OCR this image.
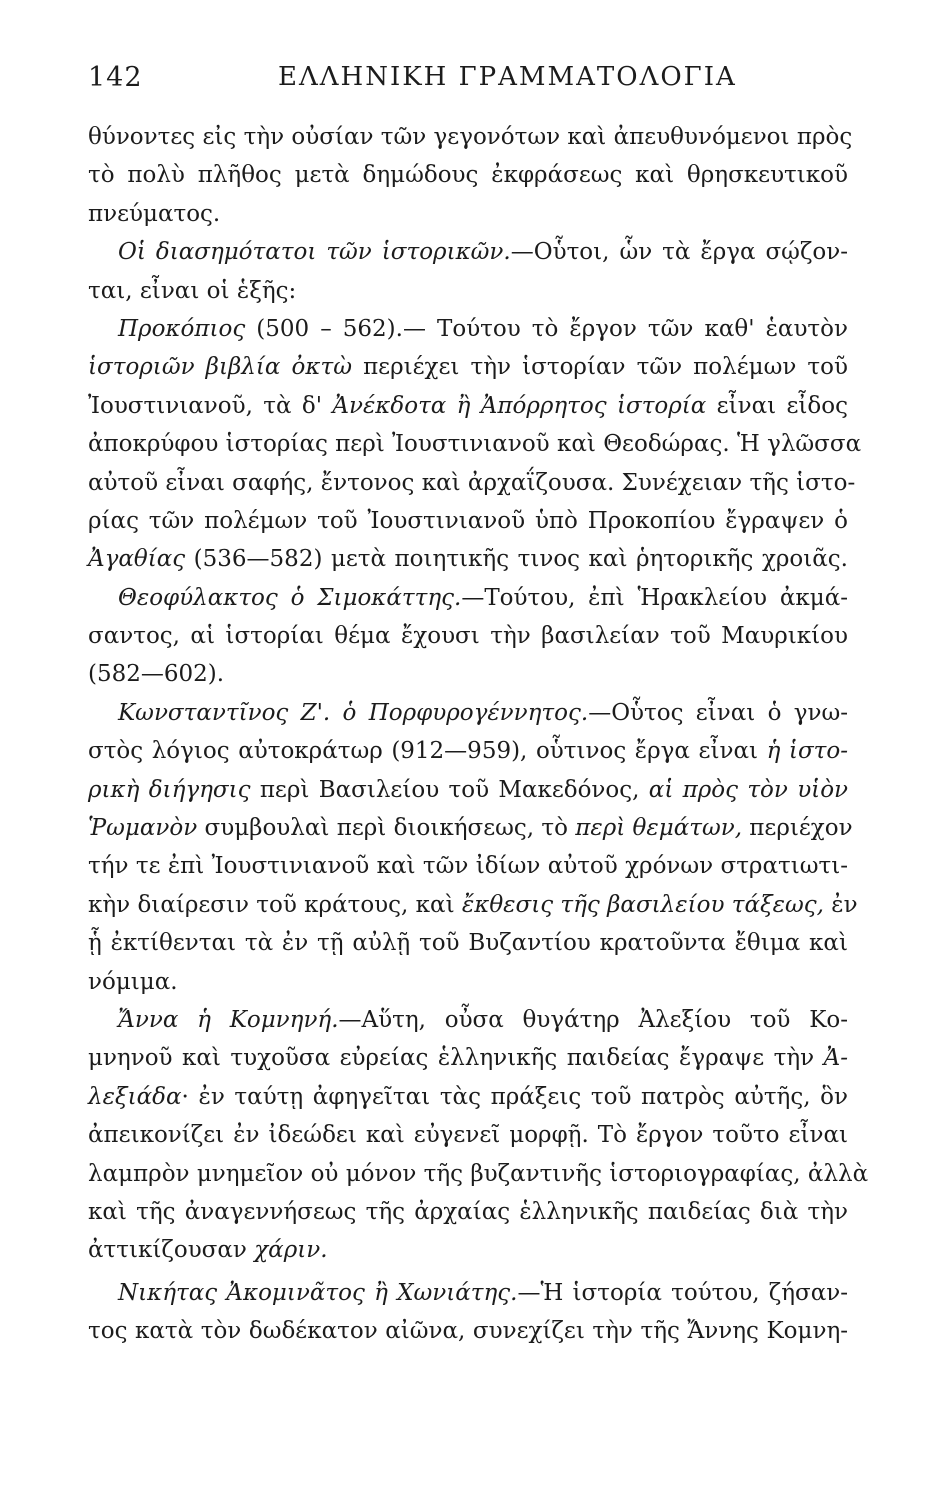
142	ΕΛΛΗΝΙΚΗ ΓΡΑΜΜΑΤΟΛΟΓΙΑ
θύνοντες εἰς τὴν οὐσίαν τῶν γεγονότων καὶ ἀπευθυνόμενοι πρὸς
τὸ πολὺ πλῆθος μετὰ δημώδους ἐκφράσεως καὶ θρησκευτικοῦ
πνεύματος.
Οἱ διασημότατοι τῶν ἱστορικῶν.—Οὗτοι, ὧν τὰ ἔργα σῴζον-
ται, εἶναι οἱ ἑξῆς:
Προκόπιος (500 – 562).— Τούτου τὸ ἔργον τῶν καθ' ἑαυτὸν
ἱστοριῶν βιβλία ὀκτὼ περιέχει τὴν ἱστορίαν τῶν πολέμων τοῦ
Ἰουστινιανοῦ, τὰ δ' Ἀνέκδοτα ἢ Ἀπόρρητος ἱστορία εἶναι εἶδος
ἀποκρύφου ἱστορίας περὶ Ἰουστινιανοῦ καὶ Θεοδώρας. Ἡ γλῶσσα
αὐτοῦ εἶναι σαφής, ἔντονος καὶ ἀρχαΐζουσα. Συνέχειαν τῆς ἱστο-
ρίας τῶν πολέμων τοῦ Ἰουστινιανοῦ ὑπὸ Προκοπίου ἔγραψεν ὁ
Ἀγαθίας (536—582) μετὰ ποιητικῆς τινος καὶ ῥητορικῆς χροιᾶς.
Θεοφύλακτος ὁ Σιμοκάττης.—Τούτου, ἐπὶ Ἡρακλείου ἀκμά-
σαντος, αἱ ἱστορίαι θέμα ἔχουσι τὴν βασιλείαν τοῦ Μαυρικίου
(582—602).
Κωνσταντῖνος Ζ'. ὁ Πορφυρογέννητος.—Οὗτος εἶναι ὁ γνω-
στὸς λόγιος αὐτοκράτωρ (912—959), οὗτινος ἔργα εἶναι ἡ ἱστο-
ρικὴ διήγησις περὶ Βασιλείου τοῦ Μακεδόνος, αἱ πρὸς τὸν υἱὸν
Ῥωμανὸν συμβουλαὶ περὶ διοικήσεως, τὸ περὶ θεμάτων, περιέχον
τήν τε ἐπὶ Ἰουστινιανοῦ καὶ τῶν ἰδίων αὐτοῦ χρόνων στρατιωτι-
κὴν διαίρεσιν τοῦ κράτους, καὶ ἔκθεσις τῆς βασιλείου τάξεως, ἐν
ᾗ ἐκτίθενται τὰ ἐν τῇ αὐλῇ τοῦ Βυζαντίου κρατοῦντα ἔθιμα καὶ
νόμιμα.
Ἄννα ἡ Κομνηνή.—Αὕτη, οὖσα θυγάτηρ Ἀλεξίου τοῦ Κο-
μνηνοῦ καὶ τυχοῦσα εὐρείας ἑλληνικῆς παιδείας ἔγραψε τὴν Ἀ-
λεξιάδα· ἐν ταύτῃ ἀφηγεῖται τὰς πράξεις τοῦ πατρὸς αὐτῆς, ὃν
ἀπεικονίζει ἐν ἰδεώδει καὶ εὐγενεῖ μορφῇ. Τὸ ἔργον τοῦτο εἶναι
λαμπρὸν μνημεῖον οὐ μόνον τῆς βυζαντινῆς ἱστοριογραφίας, ἀλλὰ
καὶ τῆς ἀναγεννήσεως τῆς ἀρχαίας ἑλληνικῆς παιδείας διὰ τὴν
ἀττικίζουσαν χάριν.
Νικήτας Ἀκομινᾶτος ἢ Χωνιάτης.—Ἡ ἱστορία τούτου, ζήσαν-
τος κατὰ τὸν δωδέκατον αἰῶνα, συνεχίζει τὴν τῆς Ἄννης Κομνη-
